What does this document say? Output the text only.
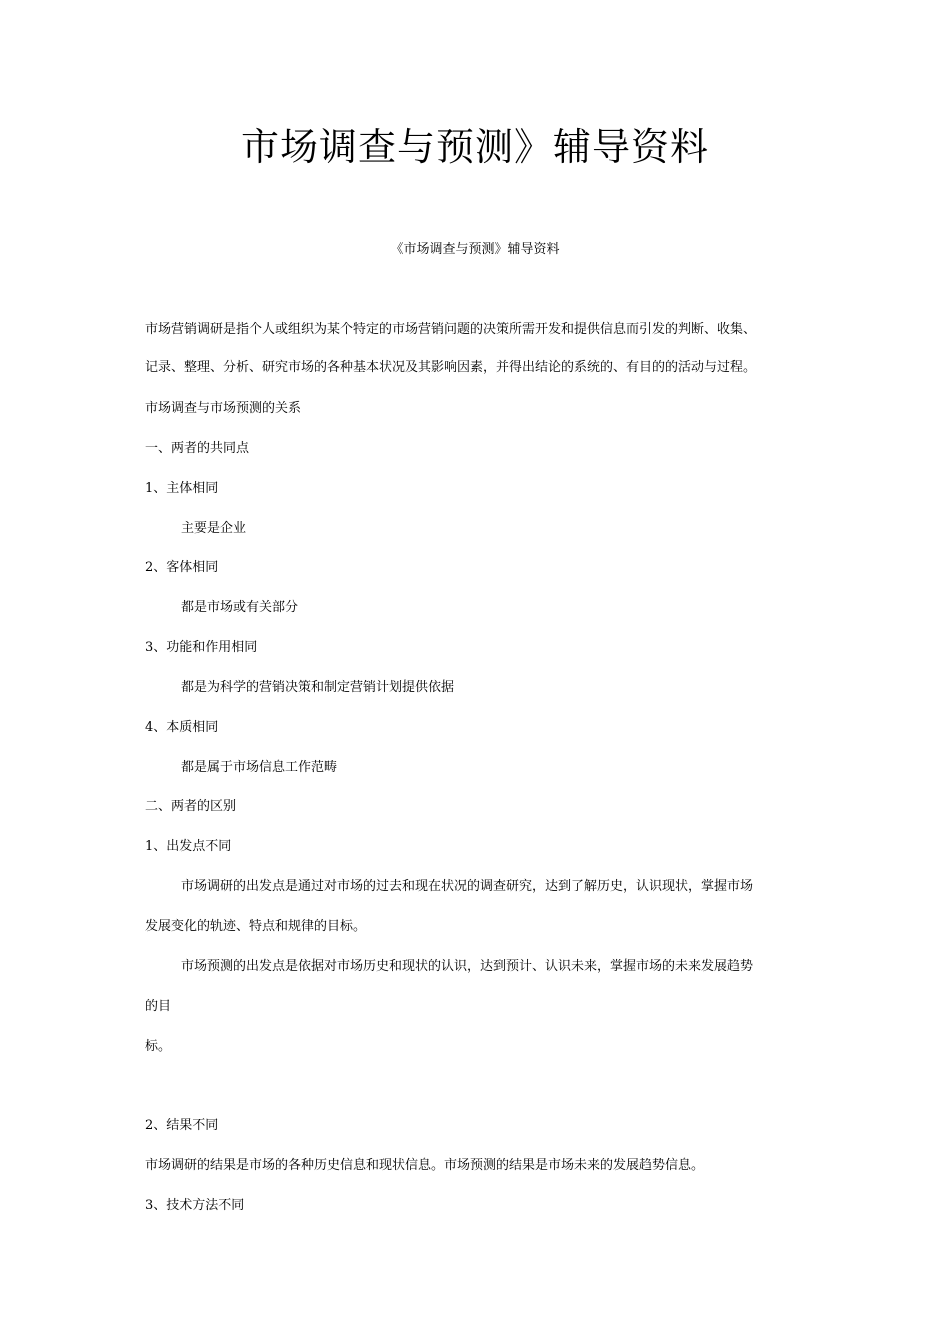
市场调查与预测》辅导资料
《市场调查与预测》辅导资料
市场营销调研是指个人或组织为某个特定的市场营销问题的决策所需开发和提供信息而引发的判断、收集、
记录、整理、分析、研究市场的各种基本状况及其影响因素，并得出结论的系统的、有目的的活动与过程。
市场调查与市场预测的关系
一、两者的共同点
1、主体相同
主要是企业
2、客体相同
都是市场或有关部分
3、功能和作用相同
都是为科学的营销决策和制定营销计划提供依据
4、本质相同
都是属于市场信息工作范畴
二、两者的区别
1、出发点不同
市场调研的出发点是通过对市场的过去和现在状况的调查研究，达到了解历史，认识现状，掌握市场
发展变化的轨迹、特点和规律的目标。
市场预测的出发点是依据对市场历史和现状的认识，达到预计、认识未来，掌握市场的未来发展趋势
的目
标。
2、结果不同
市场调研的结果是市场的各种历史信息和现状信息。市场预测的结果是市场未来的发展趋势信息。
3、技术方法不同
